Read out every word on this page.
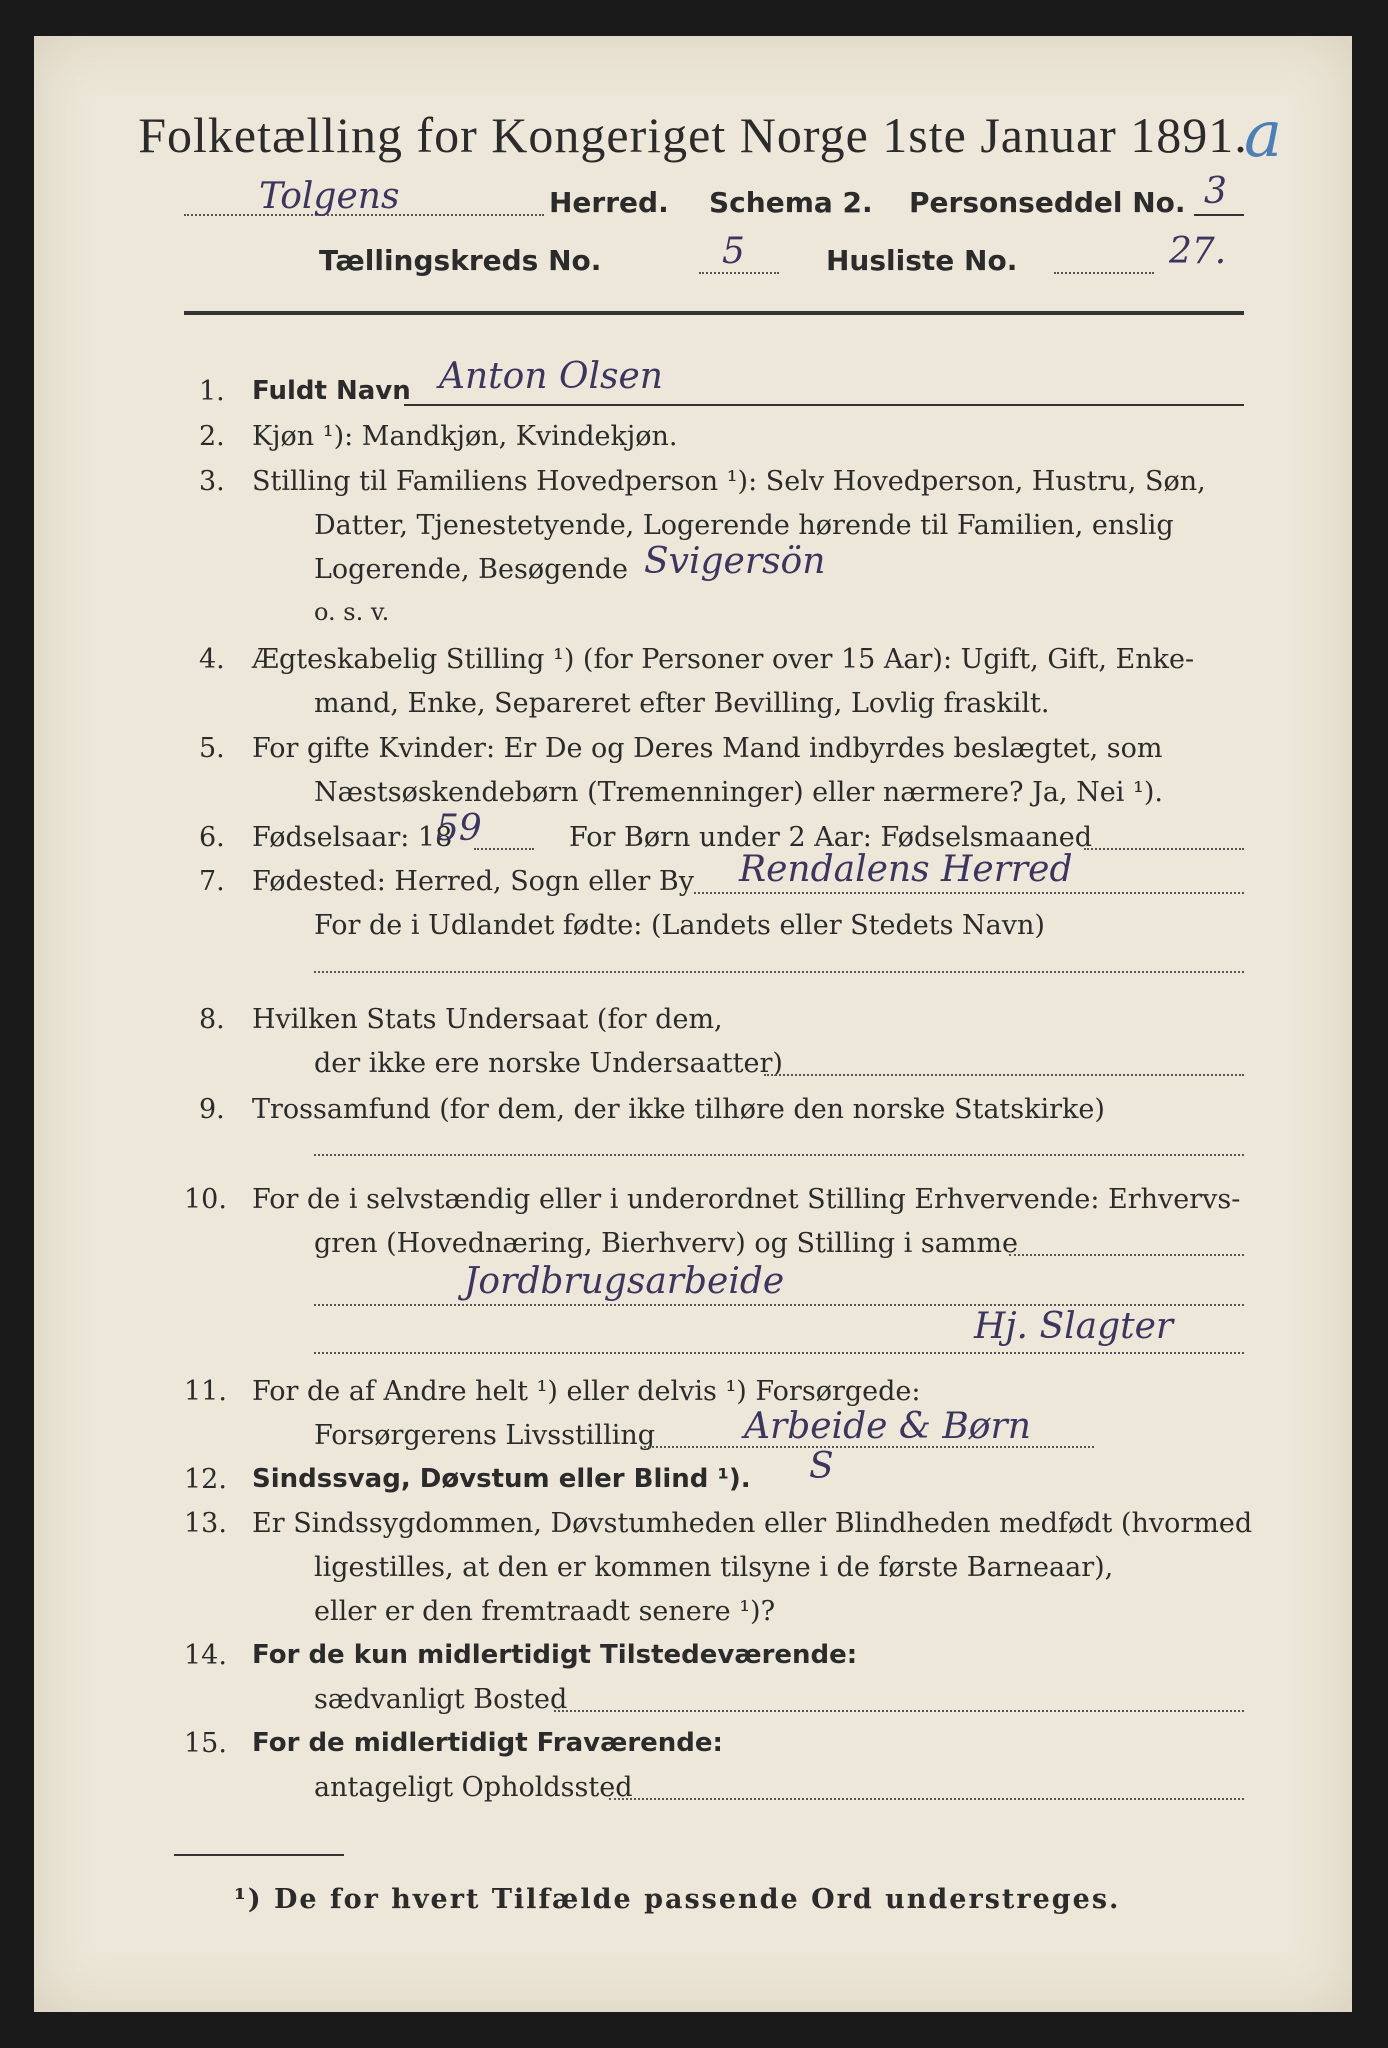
a
Folketælling for Kongeriget Norge 1ste Januar 1891.
Tolgens	Herred. Schema 2. Personseddel No. 3
Tællingskreds No.	5	Husliste No.	27.
1. Fuldt Navn Anton Olsen
2. Kjøn ¹): Mandkjøn, Kvindekjøn.
3. Stilling til Familiens Hovedperson ¹): Selv Hovedperson, Hustru, Søn,
Datter, Tjenestetyende, Logerende hørende til Familien, enslig
Logerende, Besøgende Svigersön
o. s. v.
4. Ægteskabelig Stilling ¹) (for Personer over 15 Aar): Ugift, Gift, Enke-
mand, Enke, Separeret efter Bevilling, Lovlig fraskilt.
5. For gifte Kvinder: Er De og Deres Mand indbyrdes beslægtet, som
Næstsøskendebørn (Tremenninger) eller nærmere? Ja, Nei ¹).
6. Fødselsaar: 18
59	For Børn under 2 Aar: Fødselsmaaned
7. Fødested: Herred, Sogn eller By Rendalens Herred
For de i Udlandet fødte: (Landets eller Stedets Navn)
8. Hvilken Stats Undersaat (for dem,
der ikke ere norske Undersaatter)
9. Trossamfund (for dem, der ikke tilhøre den norske Statskirke)
10. For de i selvstændig eller i underordnet Stilling Erhvervende: Erhvervs-
gren (Hovednæring, Bierhverv) og Stilling i samme
Jordbrugsarbeide
Hj. Slagter
11. For de af Andre helt ¹) eller delvis ¹) Forsørgede:
Forsørgerens Livsstilling Arbeide & Børn
12. Sindssvag, Døvstum eller Blind ¹). S
13. Er Sindssygdommen, Døvstumheden eller Blindheden medfødt (hvormed
ligestilles, at den er kommen tilsyne i de første Barneaar),
eller er den fremtraadt senere ¹)?
14. For de kun midlertidigt Tilstedeværende:
sædvanligt Bosted
15. For de midlertidigt Fraværende:
antageligt Opholdssted
¹) De for hvert Tilfælde passende Ord understreges.
